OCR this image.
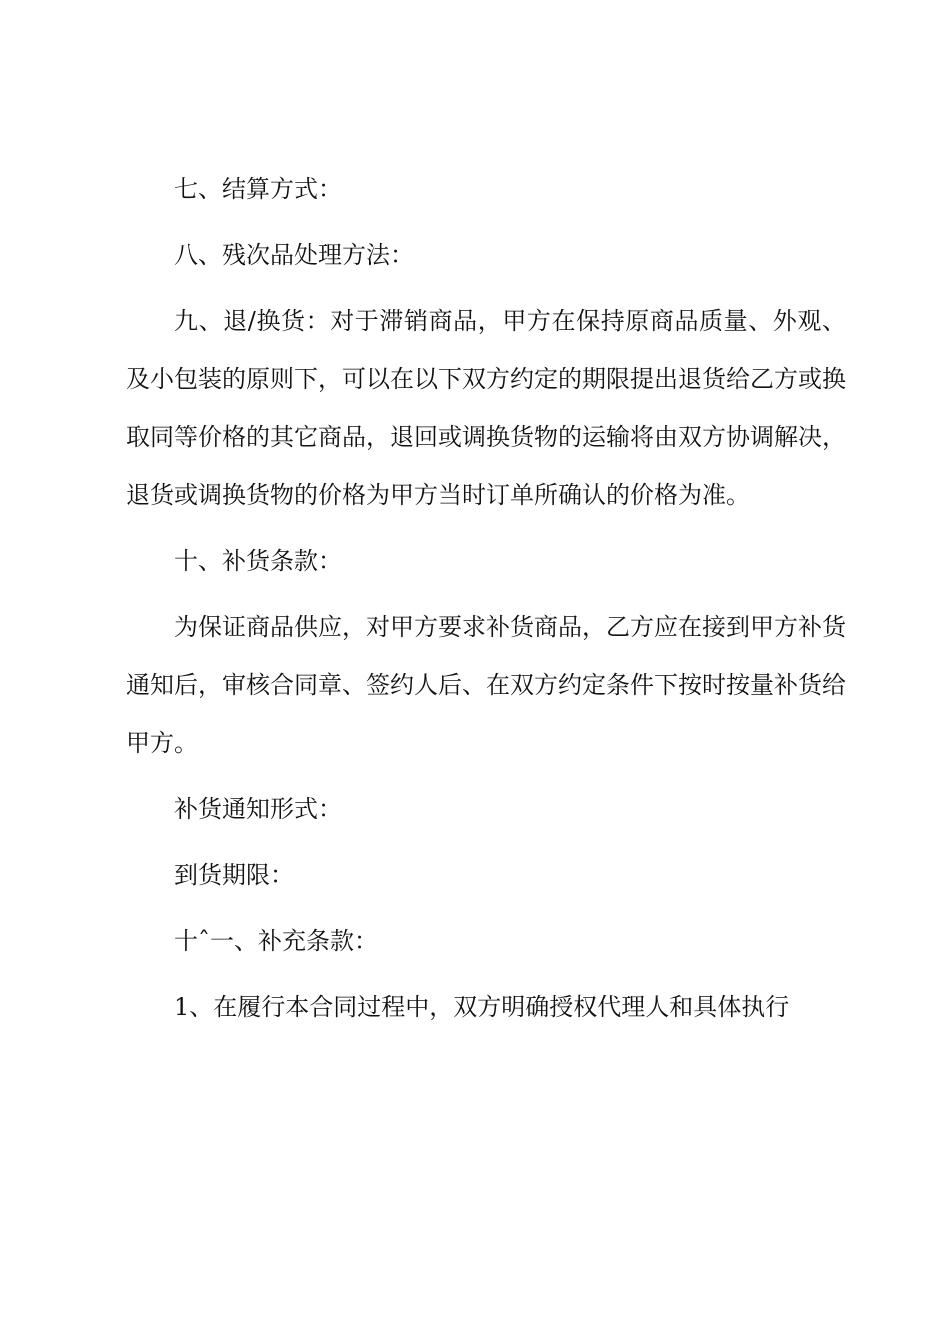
七、结算方式：

八、残次品处理方法：

九、退/换货：对于滞销商品，甲方在保持原商品质量、外观、及小包装的原则下，可以在以下双方约定的期限提出退货给乙方或换取同等价格的其它商品，退回或调换货物的运输将由双方协调解决，退货或调换货物的价格为甲方当时订单所确认的价格为准。

十、补货条款：

为保证商品供应，对甲方要求补货商品，乙方应在接到甲方补货通知后，审核合同章、签约人后、在双方约定条件下按时按量补货给甲方。

补货通知形式：

到货期限：

十ˆ一、补充条款：

1、在履行本合同过程中，双方明确授权代理人和具体执行
